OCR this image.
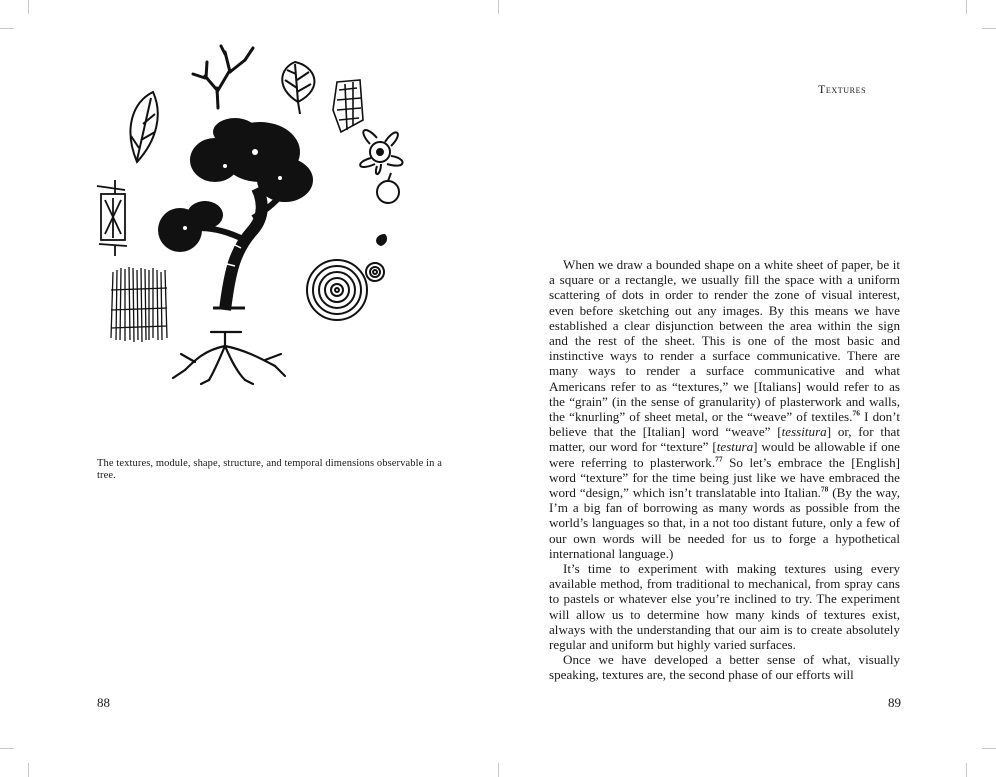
The textures, module, shape, structure, and temporal dimensions observable in a tree.
88
Textures

When we draw a bounded shape on a white sheet of paper, be it a square or a rectangle, we usually fill the space with a uniform scattering of dots in order to render the zone of visual interest, even before sketching out any images. By this means we have established a clear disjunction between the area within the sign and the rest of the sheet. This is one of the most basic and instinctive ways to render a surface communicative. There are many ways to render a surface communicative and what Americans refer to as “textures,” we [Italians] would refer to as the “grain” (in the sense of granularity) of plasterwork and walls, the “knurling” of sheet metal, or the “weave” of textiles.$^{76}$ I don’t believe that the [Italian] word “weave” [tessitura] or, for that matter, our word for “texture” [testura] would be allowable if one were referring to plasterwork.$^{77}$ So let’s embrace the [English] word “texture” for the time being just like we have embraced the word “design,” which isn’t translatable into Italian.$^{78}$ (By the way, I’m a big fan of borrowing as many words as possible from the world’s languages so that, in a not too distant future, only a few of our own words will be needed for us to forge a hypothetical international language.)

It’s time to experiment with making textures using every available method, from traditional to mechanical, from spray cans to pastels or whatever else you’re inclined to try. The experiment will allow us to determine how many kinds of textures exist, always with the understanding that our aim is to create absolutely regular and uniform but highly varied surfaces.

Once we have developed a better sense of what, visually speaking, textures are, the second phase of our efforts will

89
